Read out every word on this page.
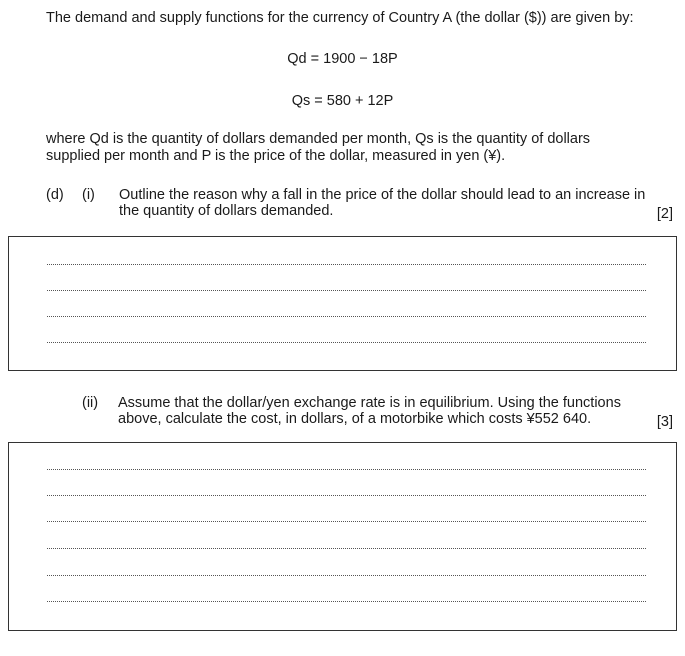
The demand and supply functions for the currency of Country A (the dollar ($)) are given by:
Qd = 1900 − 18P
Qs = 580 + 12P
where Qd is the quantity of dollars demanded per month, Qs is the quantity of dollars supplied per month and P is the price of the dollar, measured in yen (¥).
(d) (i) Outline the reason why a fall in the price of the dollar should lead to an increase in the quantity of dollars demanded.	[2]
(ii) Assume that the dollar/yen exchange rate is in equilibrium. Using the functions above, calculate the cost, in dollars, of a motorbike which costs ¥552 640.	[3]
